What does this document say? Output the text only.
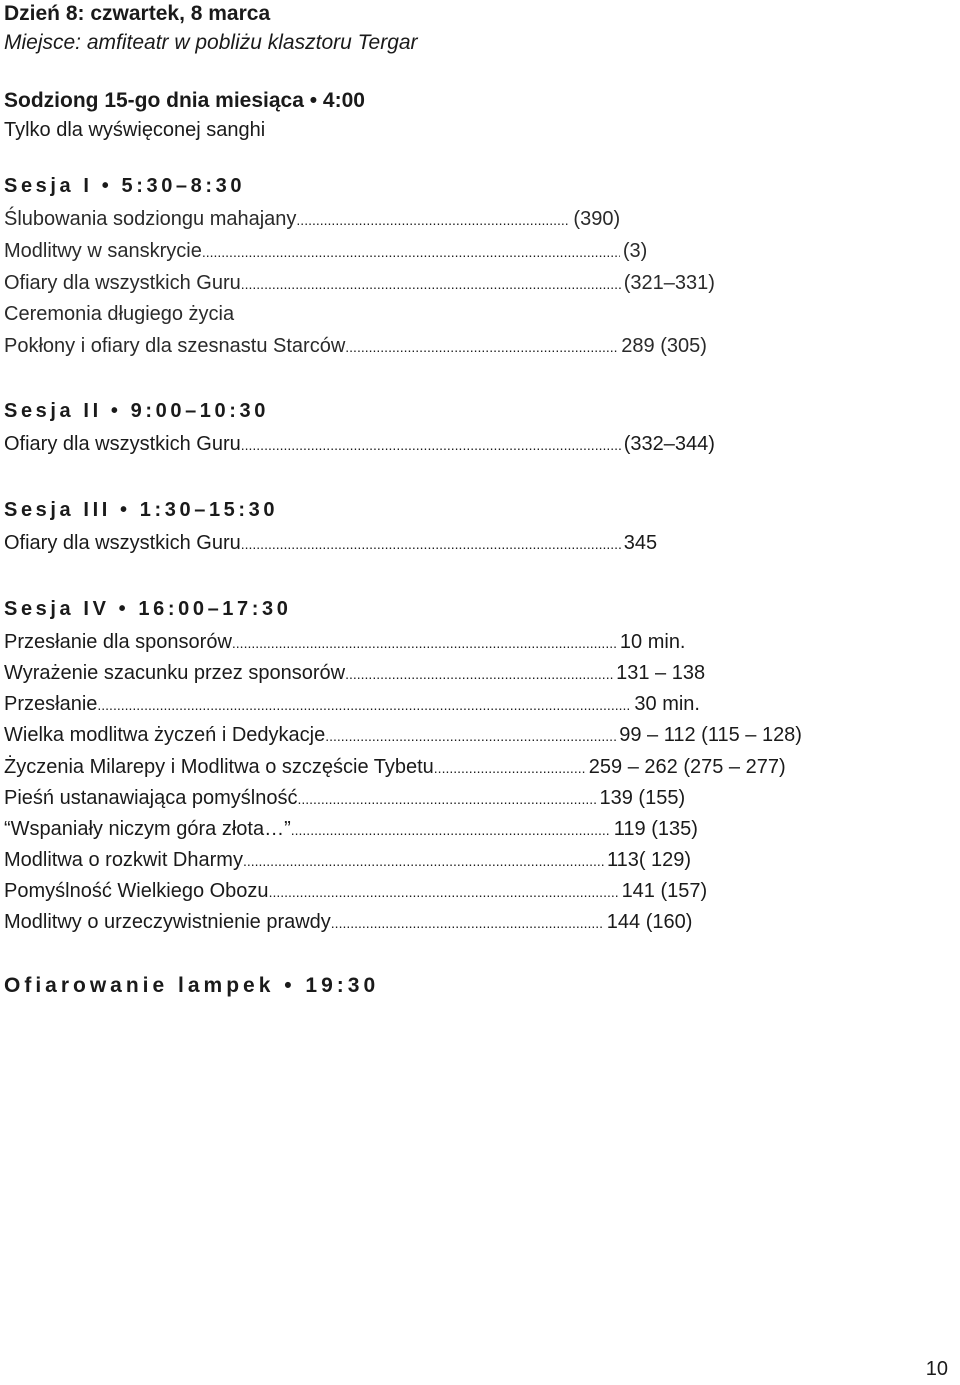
Dzień 8: czwartek, 8 marca
Miejsce: amfiteatr w pobliżu klasztoru Tergar
Sodziong 15-go dnia miesiąca • 4:00
Tylko dla wyświęconej sanghi
Sesja I • 5:30–8:30
Ślubowania sodziongu mahajany .....	(390)
Modlitwy w sanskrycie .....	(3)
Ofiary dla wszystkich Guru .....	(321–331)
Ceremonia długiego życia
Pokłony i ofiary dla szesnastu Starców .....	289 (305)
Sesja II • 9:00–10:30
Ofiary dla wszystkich Guru .....	(332–344)
Sesja III • 1:30–15:30
Ofiary dla wszystkich Guru .....	345
Sesja IV • 16:00–17:30
Przesłanie dla sponsorów .....	10 min.
Wyrażenie szacunku przez sponsorów .....	131 – 138
Przesłanie .....	30 min.
Wielka modlitwa życzeń i Dedykacje .....	99 – 112 (115 – 128)
Życzenia Milarepy i Modlitwa o szczęście Tybetu .....	259 – 262 (275 – 277)
Pieśń ustanawiająca pomyślność .....	139 (155)
“Wspaniały niczym góra złota…” .....	119 (135)
Modlitwa o rozkwit Dharmy .....	113( 129)
Pomyślność Wielkiego Obozu .....	141 (157)
Modlitwy o urzeczywistnienie prawdy .....	144 (160)
Ofiarowanie lampek • 19:30
10
